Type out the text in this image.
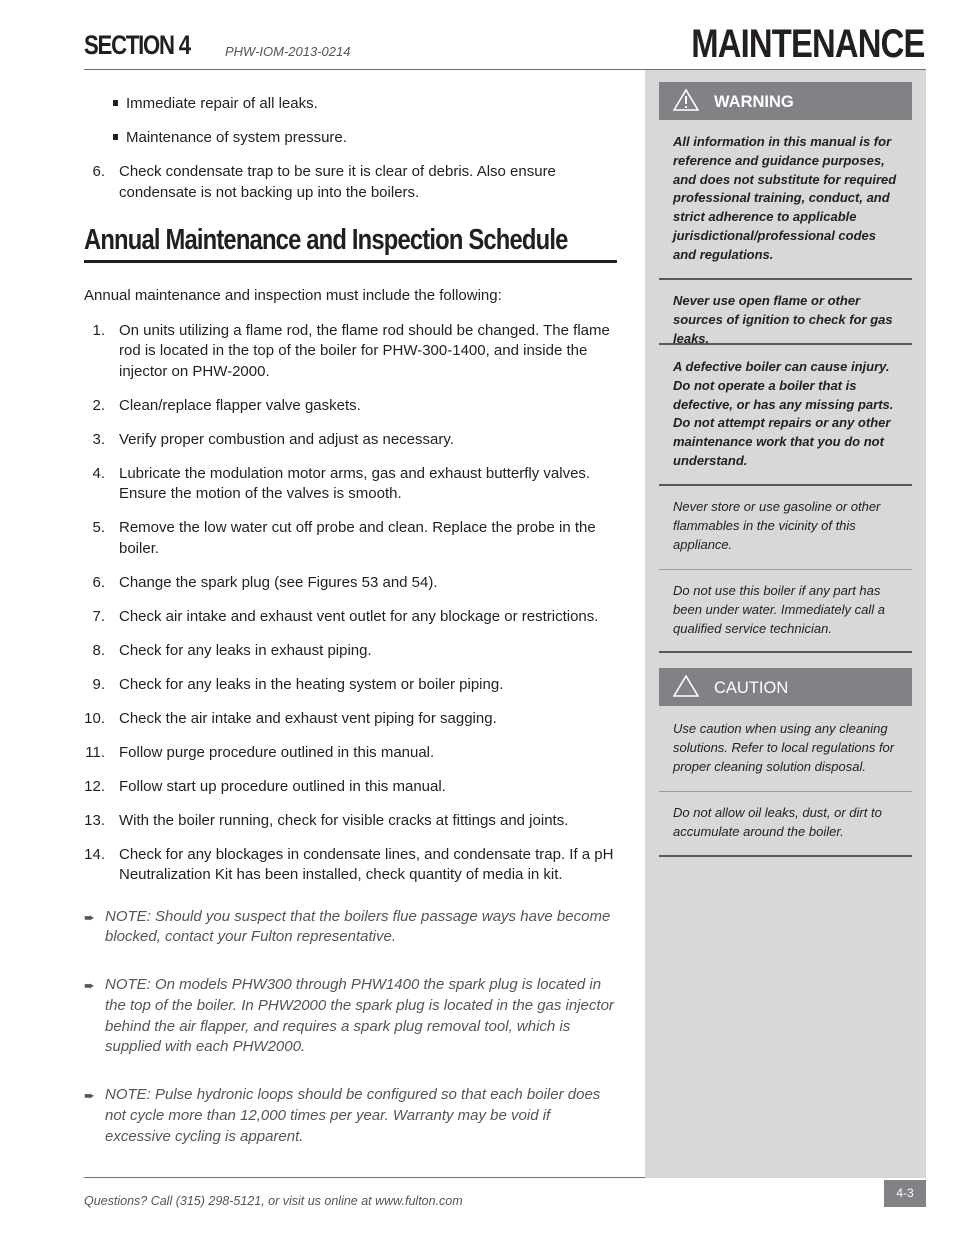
SECTION 4	PHW-IOM-2013-0214	MAINTENANCE
Immediate repair of all leaks.
Maintenance of system pressure.
6. Check condensate trap to be sure it is clear of debris. Also ensure condensate is not backing up into the boilers.
Annual Maintenance and Inspection Schedule
Annual maintenance and inspection must include the following:
1. On units utilizing a flame rod, the flame rod should be changed. The flame rod is located in the top of the boiler for PHW-300-1400, and inside the injector on PHW-2000.
2. Clean/replace flapper valve gaskets.
3. Verify proper combustion and adjust as necessary.
4. Lubricate the modulation motor arms, gas and exhaust butterfly valves. Ensure the motion of the valves is smooth.
5. Remove the low water cut off probe and clean. Replace the probe in the boiler.
6. Change the spark plug (see Figures 53 and 54).
7. Check air intake and exhaust vent outlet for any blockage or restrictions.
8. Check for any leaks in exhaust piping.
9. Check for any leaks in the heating system or boiler piping.
10. Check the air intake and exhaust vent piping for sagging.
11. Follow purge procedure outlined in this manual.
12. Follow start up procedure outlined in this manual.
13. With the boiler running, check for visible cracks at fittings and joints.
14. Check for any blockages in condensate lines, and condensate trap. If a pH Neutralization Kit has been installed, check quantity of media in kit.
➨ NOTE: Should you suspect that the boilers flue passage ways have become blocked, contact your Fulton representative.
➨ NOTE: On models PHW300 through PHW1400 the spark plug is located in the top of the boiler. In PHW2000 the spark plug is located in the gas injector behind the air flapper, and requires a spark plug removal tool, which is supplied with each PHW2000.
➨ NOTE: Pulse hydronic loops should be configured so that each boiler does not cycle more than 12,000 times per year. Warranty may be void if excessive cycling is apparent.
WARNING
All information in this manual is for reference and guidance purposes, and does not substitute for required professional training, conduct, and strict adherence to applicable jurisdictional/professional codes and regulations.
Never use open flame or other sources of ignition to check for gas leaks.
A defective boiler can cause injury. Do not operate a boiler that is defective, or has any missing parts. Do not attempt repairs or any other maintenance work that you do not understand.
Never store or use gasoline or other flammables in the vicinity of this appliance.
Do not use this boiler if any part has been under water. Immediately call a qualified service technician.
CAUTION
Use caution when using any cleaning solutions. Refer to local regulations for proper cleaning solution disposal.
Do not allow oil leaks, dust, or dirt to accumulate around the boiler.
Questions? Call (315) 298-5121, or visit us online at www.fulton.com
4-3
